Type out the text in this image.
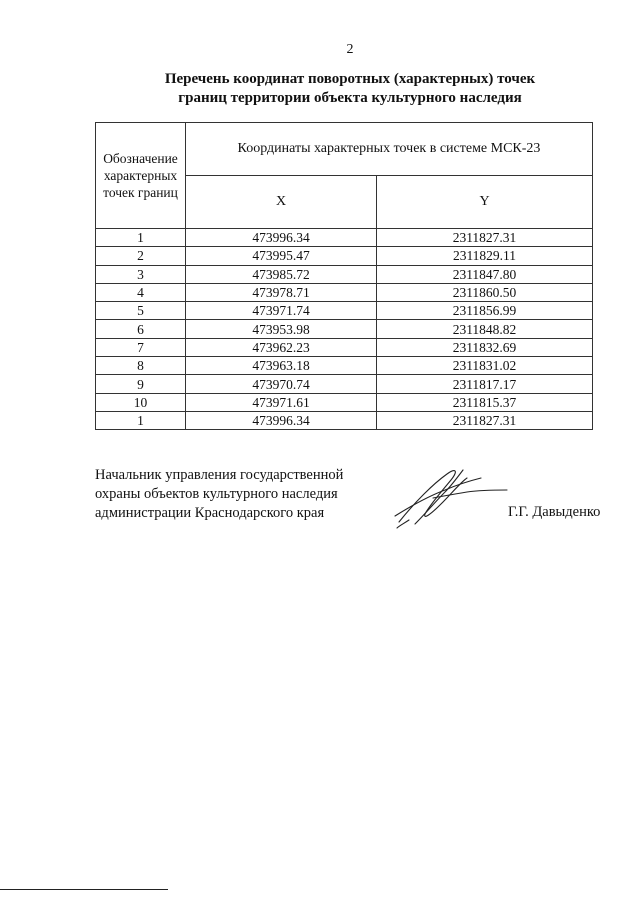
2
Перечень координат поворотных (характерных) точек
границ территории объекта культурного наследия
Обозначение характерных точек границ	Координаты характерных точек в системе МСК-23	
	X	Y
1	473996.34	2311827.31
2	473995.47	2311829.11
3	473985.72	2311847.80
4	473978.71	2311860.50
5	473971.74	2311856.99
6	473953.98	2311848.82
7	473962.23	2311832.69
8	473963.18	2311831.02
9	473970.74	2311817.17
10	473971.61	2311815.37
1	473996.34	2311827.31
Начальник управления государственной
охраны объектов культурного наследия
администрации Краснодарского края	Г.Г. Давыденко
